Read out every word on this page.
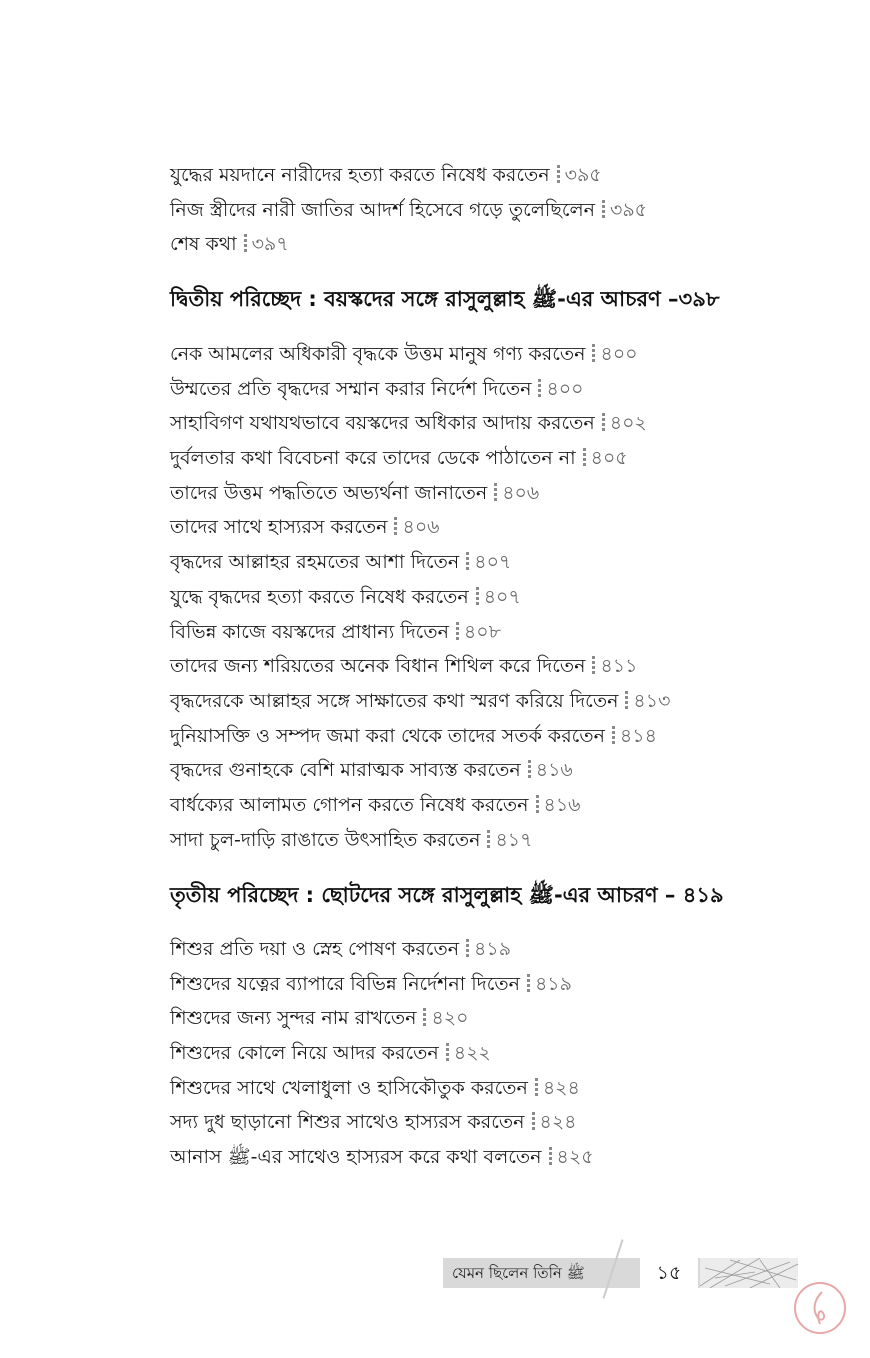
যুদ্ধের ময়দানে নারীদের হত্যা করতে নিষেধ করতেন ৩৯৫
নিজ স্ত্রীদের নারী জাতির আদর্শ হিসেবে গড়ে তুলেছিলেন ৩৯৫
শেষ কথা ৩৯৭
দ্বিতীয় পরিচ্ছেদ : বয়স্কদের সঙ্গে রাসুলুল্লাহ ﷺ-এর আচরণ –৩৯৮
নেক আমলের অধিকারী বৃদ্ধকে উত্তম মানুষ গণ্য করতেন ৪০০
উম্মতের প্রতি বৃদ্ধদের সম্মান করার নির্দেশ দিতেন ৪০০
সাহাবিগণ যথাযথভাবে বয়স্কদের অধিকার আদায় করতেন ৪০২
দুর্বলতার কথা বিবেচনা করে তাদের ডেকে পাঠাতেন না ৪০৫
তাদের উত্তম পদ্ধতিতে অভ্যর্থনা জানাতেন ৪০৬
তাদের সাথে হাস্যরস করতেন ৪০৬
বৃদ্ধদের আল্লাহর রহমতের আশা দিতেন ৪০৭
যুদ্ধে বৃদ্ধদের হত্যা করতে নিষেধ করতেন ৪০৭
বিভিন্ন কাজে বয়স্কদের প্রাধান্য দিতেন ৪০৮
তাদের জন্য শরিয়তের অনেক বিধান শিথিল করে দিতেন ৪১১
বৃদ্ধদেরকে আল্লাহর সঙ্গে সাক্ষাতের কথা স্মরণ করিয়ে দিতেন ৪১৩
দুনিয়াসক্তি ও সম্পদ জমা করা থেকে তাদের সতর্ক করতেন ৪১৪
বৃদ্ধদের গুনাহকে বেশি মারাত্মক সাব্যস্ত করতেন ৪১৬
বার্ধক্যের আলামত গোপন করতে নিষেধ করতেন ৪১৬
সাদা চুল-দাড়ি রাঙাতে উৎসাহিত করতেন ৪১৭
তৃতীয় পরিচ্ছেদ : ছোটদের সঙ্গে রাসুলুল্লাহ ﷺ-এর আচরণ – ৪১৯
শিশুর প্রতি দয়া ও স্নেহ পোষণ করতেন ৪১৯
শিশুদের যত্নের ব্যাপারে বিভিন্ন নির্দেশনা দিতেন ৪১৯
শিশুদের জন্য সুন্দর নাম রাখতেন ৪২০
শিশুদের কোলে নিয়ে আদর করতেন ৪২২
শিশুদের সাথে খেলাধুলা ও হাসিকৌতুক করতেন ৪২৪
সদ্য দুধ ছাড়ানো শিশুর সাথেও হাস্যরস করতেন ৪২৪
আনাস ﷺ-এর সাথেও হাস্যরস করে কথা বলতেন ৪২৫
যেমন ছিলেন তিনি ﷺ	১৫
